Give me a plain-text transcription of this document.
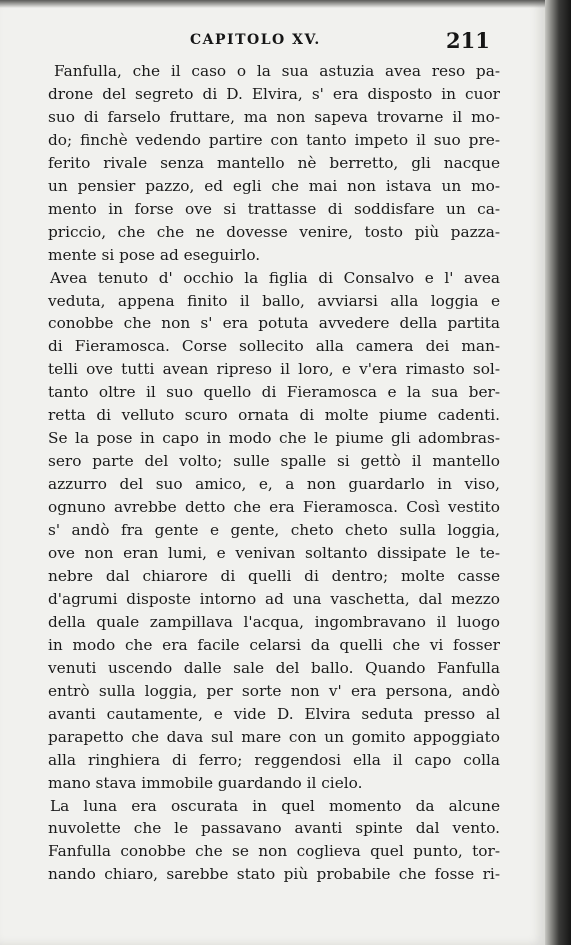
CAPITOLO XV.	211
Fanfulla, che il caso o la sua astuzia avea reso pa-
drone del segreto di D. Elvira, s' era disposto in cuor
suo di farselo fruttare, ma non sapeva trovarne il mo-
do; finchè vedendo partire con tanto impeto il suo pre-
ferito rivale senza mantello nè berretto, gli nacque
un pensier pazzo, ed egli che mai non istava un mo-
mento in forse ove si trattasse di soddisfare un ca-
priccio, che che ne dovesse venire, tosto più pazza-
mente si pose ad eseguirlo.
Avea tenuto d' occhio la figlia di Consalvo e l' avea
veduta, appena finito il ballo, avviarsi alla loggia e
conobbe che non s' era potuta avvedere della partita
di Fieramosca. Corse sollecito alla camera dei man-
telli ove tutti avean ripreso il loro, e v'era rimasto sol-
tanto oltre il suo quello di Fieramosca e la sua ber-
retta di velluto scuro ornata di molte piume cadenti.
Se la pose in capo in modo che le piume gli adombras-
sero parte del volto; sulle spalle si gettò il mantello
azzurro del suo amico, e, a non guardarlo in viso,
ognuno avrebbe detto che era Fieramosca. Così vestito
s' andò fra gente e gente, cheto cheto sulla loggia,
ove non eran lumi, e venivan soltanto dissipate le te-
nebre dal chiarore di quelli di dentro; molte casse
d'agrumi disposte intorno ad una vaschetta, dal mezzo
della quale zampillava l'acqua, ingombravano il luogo
in modo che era facile celarsi da quelli che vi fosser
venuti uscendo dalle sale del ballo. Quando Fanfulla
entrò sulla loggia, per sorte non v' era persona, andò
avanti cautamente, e vide D. Elvira seduta presso al
parapetto che dava sul mare con un gomito appoggiato
alla ringhiera di ferro; reggendosi ella il capo colla
mano stava immobile guardando il cielo.
La luna era oscurata in quel momento da alcune
nuvolette che le passavano avanti spinte dal vento.
Fanfulla conobbe che se non coglieva quel punto, tor-
nando chiaro, sarebbe stato più probabile che fosse ri-
